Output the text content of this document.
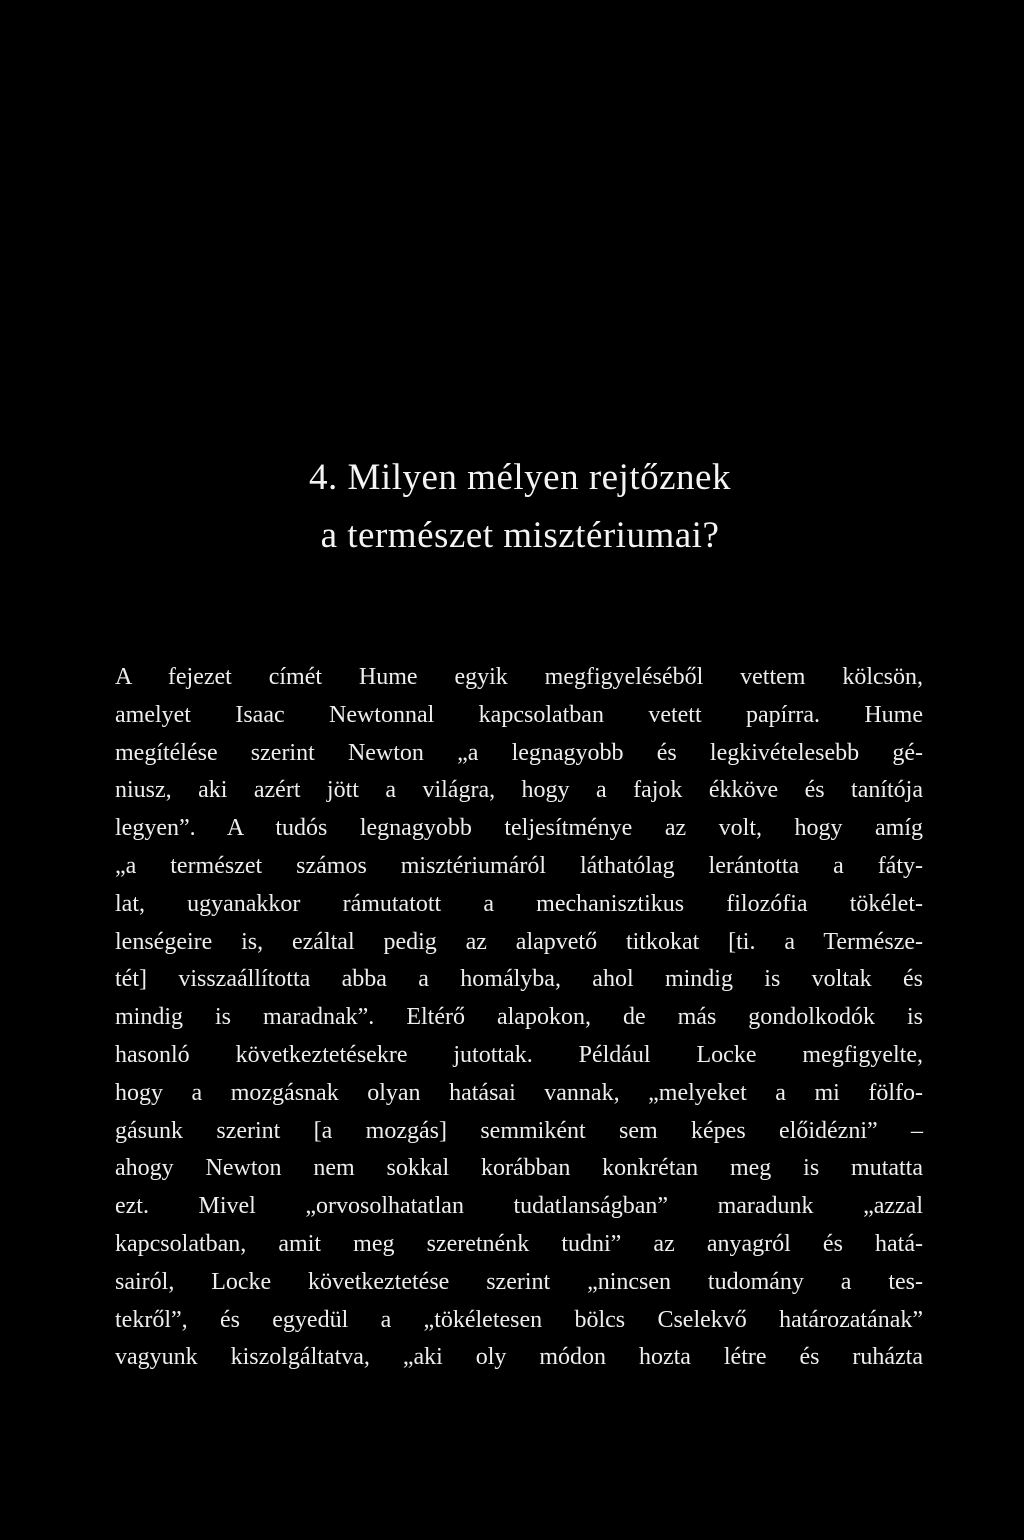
4. Milyen mélyen rejtőznek
a természet misztériumai?
A fejezet címét Hume egyik megfigyeléséből vettem kölcsön,
amelyet Isaac Newtonnal kapcsolatban vetett papírra. Hume
megítélése szerint Newton „a legnagyobb és legkivételesebb gé-
niusz, aki azért jött a világra, hogy a fajok ékköve és tanítója
legyen”. A tudós legnagyobb teljesítménye az volt, hogy amíg
„a természet számos misztériumáról láthatólag lerántotta a fáty-
lat, ugyanakkor rámutatott a mechanisztikus filozófia tökélet-
lenségeire is, ezáltal pedig az alapvető titkokat [ti. a Természe-
tét] visszaállította abba a homályba, ahol mindig is voltak és
mindig is maradnak”. Eltérő alapokon, de más gondolkodók is
hasonló következtetésekre jutottak. Például Locke megfigyelte,
hogy a mozgásnak olyan hatásai vannak, „melyeket a mi fölfo-
gásunk szerint [a mozgás] semmiként sem képes előidézni” –
ahogy Newton nem sokkal korábban konkrétan meg is mutatta
ezt. Mivel „orvosolhatatlan tudatlanságban” maradunk „azzal
kapcsolatban, amit meg szeretnénk tudni” az anyagról és hatá-
sairól, Locke következtetése szerint „nincsen tudomány a tes-
tekről”, és egyedül a „tökéletesen bölcs Cselekvő határozatának”
vagyunk kiszolgáltatva, „aki oly módon hozta létre és ruházta
